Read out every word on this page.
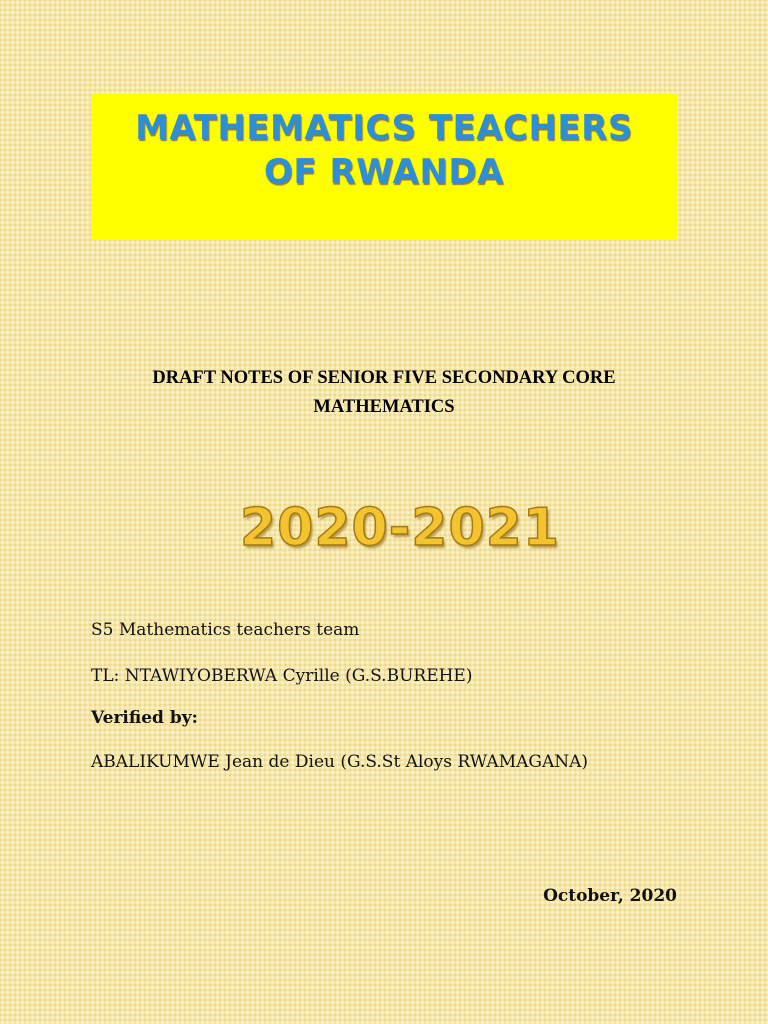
MATHEMATICS TEACHERS
OF RWANDA
DRAFT NOTES OF SENIOR FIVE SECONDARY CORE
MATHEMATICS
2020-2021
S5 Mathematics teachers team
TL: NTAWIYOBERWA Cyrille (G.S.BUREHE)
Verified by:
ABALIKUMWE Jean de Dieu (G.S.St Aloys RWAMAGANA)
October, 2020
